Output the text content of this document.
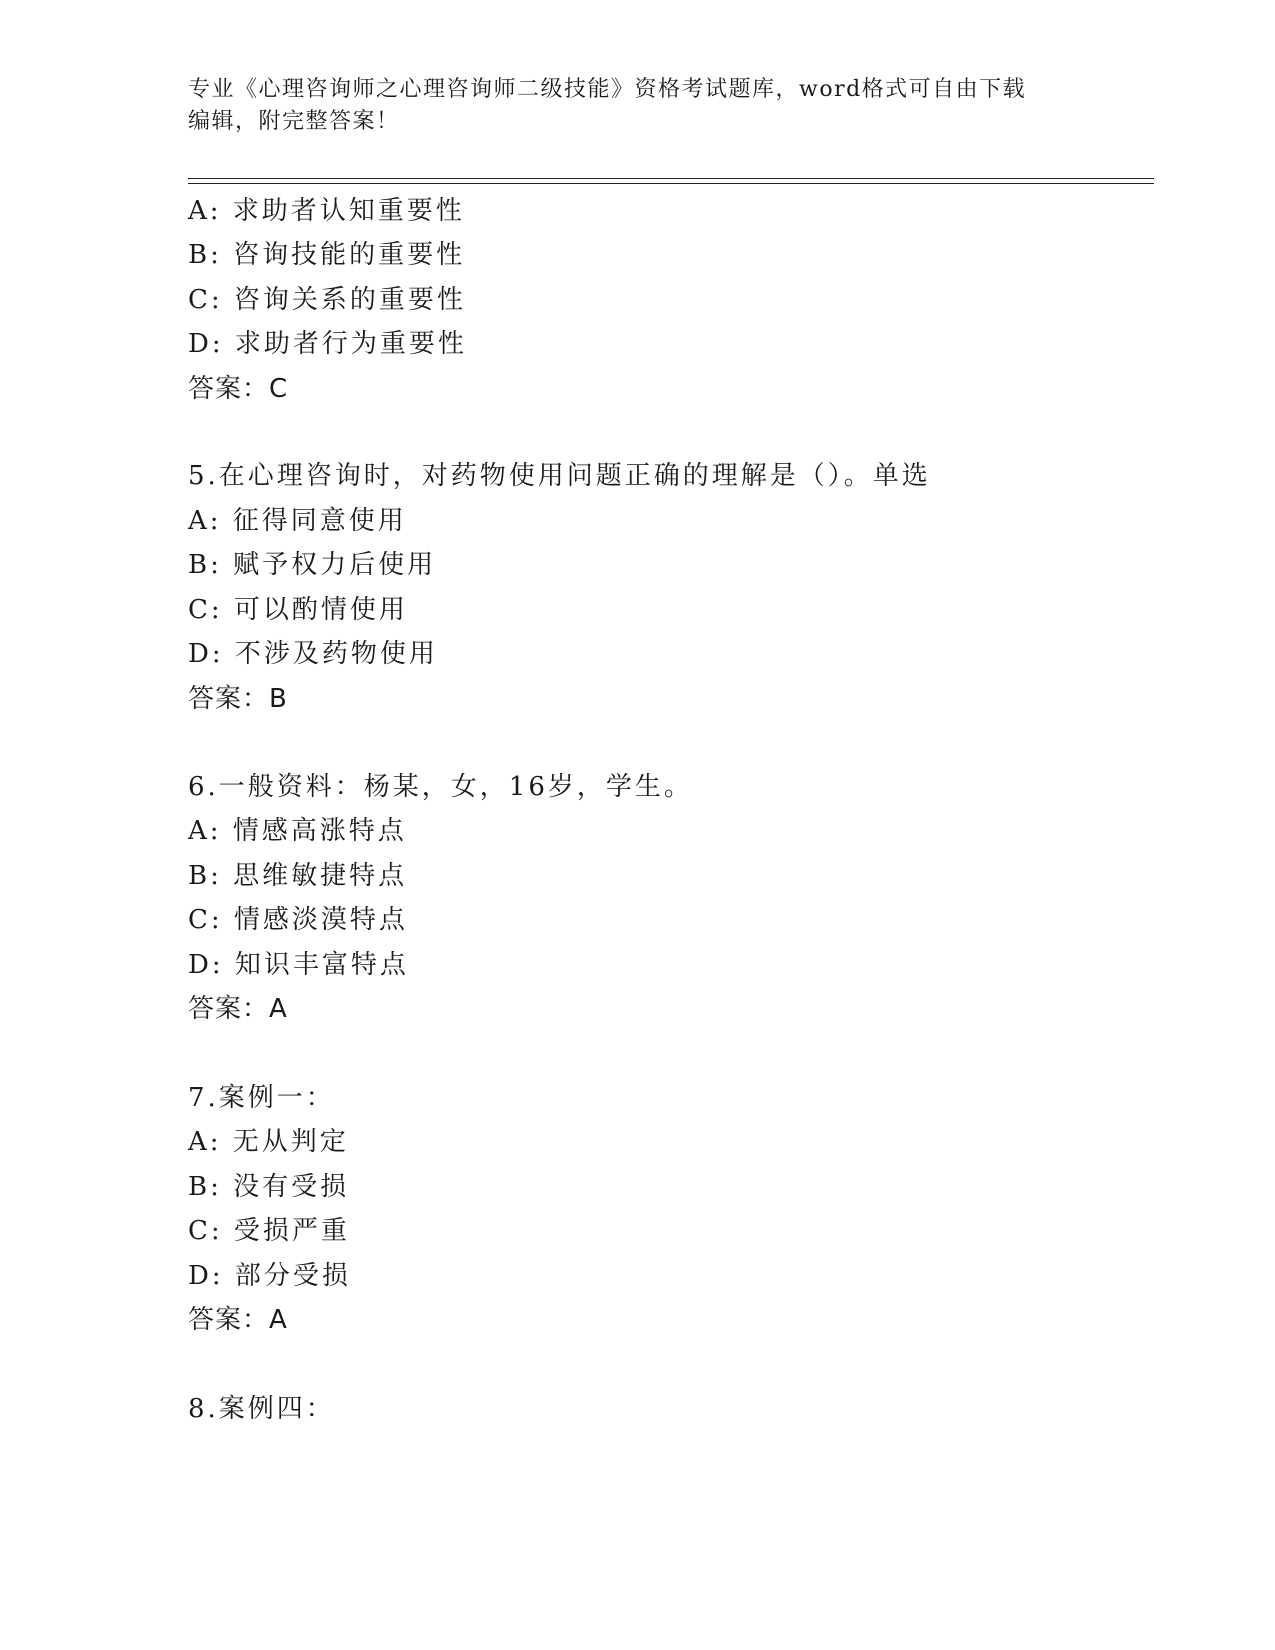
专业《心理咨询师之心理咨询师二级技能》资格考试题库，word格式可自由下载
编辑，附完整答案！
A: 求助者认知重要性
B: 咨询技能的重要性
C: 咨询关系的重要性
D: 求助者行为重要性
答案：C
5.在心理咨询时，对药物使用问题正确的理解是（）。单选
A: 征得同意使用
B: 赋予权力后使用
C: 可以酌情使用
D: 不涉及药物使用
答案：B
6.一般资料：杨某，女，16岁，学生。
A: 情感高涨特点
B: 思维敏捷特点
C: 情感淡漠特点
D: 知识丰富特点
答案：A
7.案例一：
A: 无从判定
B: 没有受损
C: 受损严重
D: 部分受损
答案：A
8.案例四：
